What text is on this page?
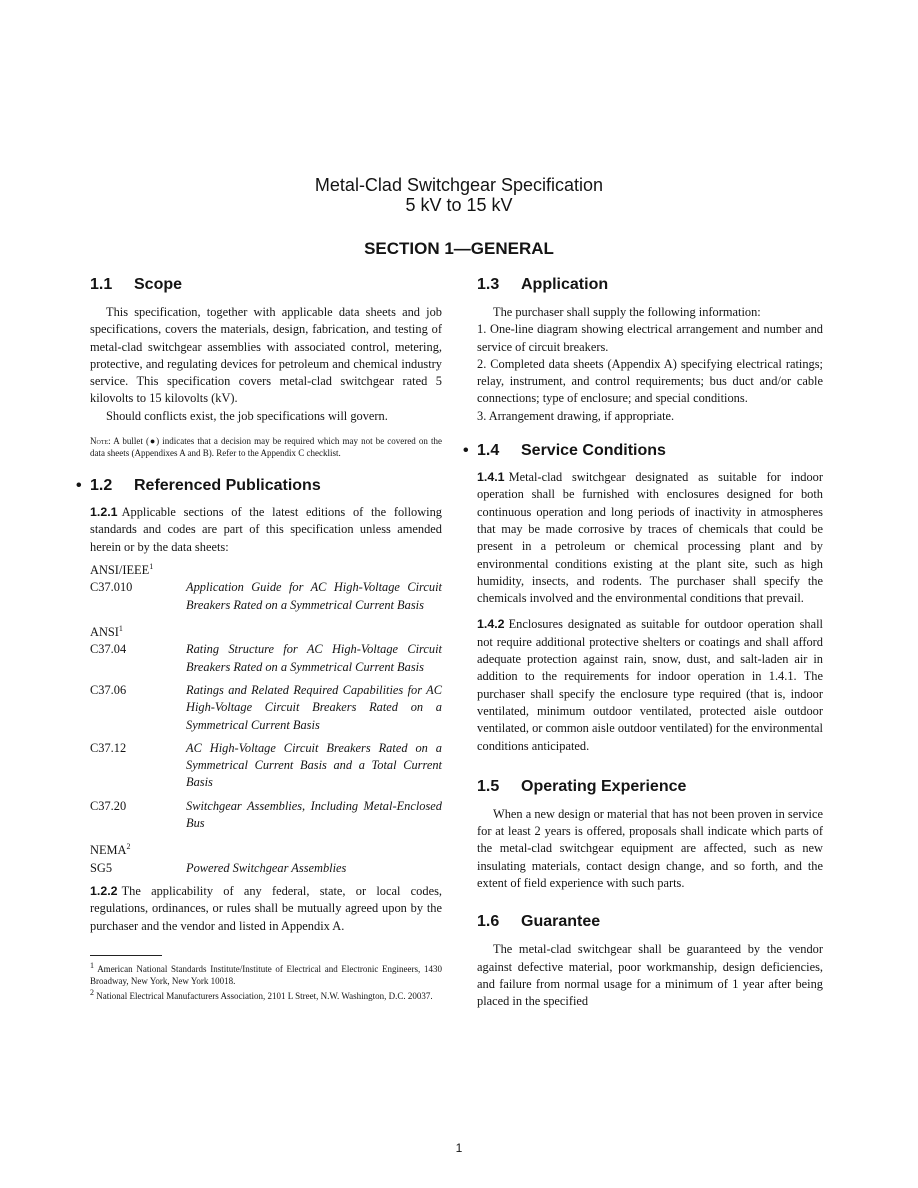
Metal-Clad Switchgear Specification
5 kV to 15 kV
SECTION 1—GENERAL
1.1 Scope

This specification, together with applicable data sheets and job specifications, covers the materials, design, fabrication, and testing of metal-clad switchgear assemblies with associated control, metering, protective, and regulating devices for petroleum and chemical industry service. This specification covers metal-clad switchgear rated 5 kilovolts to 15 kilovolts (kV).

Should conflicts exist, the job specifications will govern.

Note: A bullet (●) indicates that a decision may be required which may not be covered on the data sheets (Appendixes A and B). Refer to the Appendix C checklist.

• 1.2 Referenced Publications

1.2.1 Applicable sections of the latest editions of the following standards and codes are part of this specification unless amended herein or by the data sheets:

ANSI/IEEE$^1$
C37.010	Application Guide for AC High-Voltage Circuit Breakers Rated on a Symmetrical Current Basis
ANSI$^1$
C37.04	Rating Structure for AC High-Voltage Circuit Breakers Rated on a Symmetrical Current Basis
C37.06	Ratings and Related Required Capabilities for AC High-Voltage Circuit Breakers Rated on a Symmetrical Current Basis
C37.12	AC High-Voltage Circuit Breakers Rated on a Symmetrical Current Basis and a Total Current Basis
C37.20	Switchgear Assemblies, Including Metal-Enclosed Bus
NEMA$^2$
SG5	Powered Switchgear Assemblies

1.2.2 The applicability of any federal, state, or local codes, regulations, ordinances, or rules shall be mutually agreed upon by the purchaser and the vendor and listed in Appendix A.

$^1$ American National Standards Institute/Institute of Electrical and Electronic Engineers, 1430 Broadway, New York, New York 10018.
$^2$ National Electrical Manufacturers Association, 2101 L Street, N.W. Washington, D.C. 20037.
1.3 Application

The purchaser shall supply the following information:

1. One-line diagram showing electrical arrangement and number and service of circuit breakers.

2. Completed data sheets (Appendix A) specifying electrical ratings; relay, instrument, and control requirements; bus duct and/or cable connections; type of enclosure; and special conditions.

3. Arrangement drawing, if appropriate.

• 1.4 Service Conditions

1.4.1 Metal-clad switchgear designated as suitable for indoor operation shall be furnished with enclosures designed for both continuous operation and long periods of inactivity in atmospheres that may be made corrosive by traces of chemicals that could be present in a petroleum or chemical processing plant and by environmental conditions existing at the plant site, such as high humidity, insects, and rodents. The purchaser shall specify the chemicals involved and the environmental conditions that prevail.

1.4.2 Enclosures designated as suitable for outdoor operation shall not require additional protective shelters or coatings and shall afford adequate protection against rain, snow, dust, and salt-laden air in addition to the requirements for indoor operation in 1.4.1. The purchaser shall specify the enclosure type required (that is, indoor ventilated, minimum outdoor ventilated, protected aisle outdoor ventilated, or common aisle outdoor ventilated) for the environmental conditions anticipated.

1.5 Operating Experience

When a new design or material that has not been proven in service for at least 2 years is offered, proposals shall indicate which parts of the metal-clad switchgear equipment are affected, such as new insulating materials, contact design change, and so forth, and the extent of field experience with such parts.

1.6 Guarantee

The metal-clad switchgear shall be guaranteed by the vendor against defective material, poor workmanship, design deficiencies, and failure from normal usage for a minimum of 1 year after being placed in the specified

1
